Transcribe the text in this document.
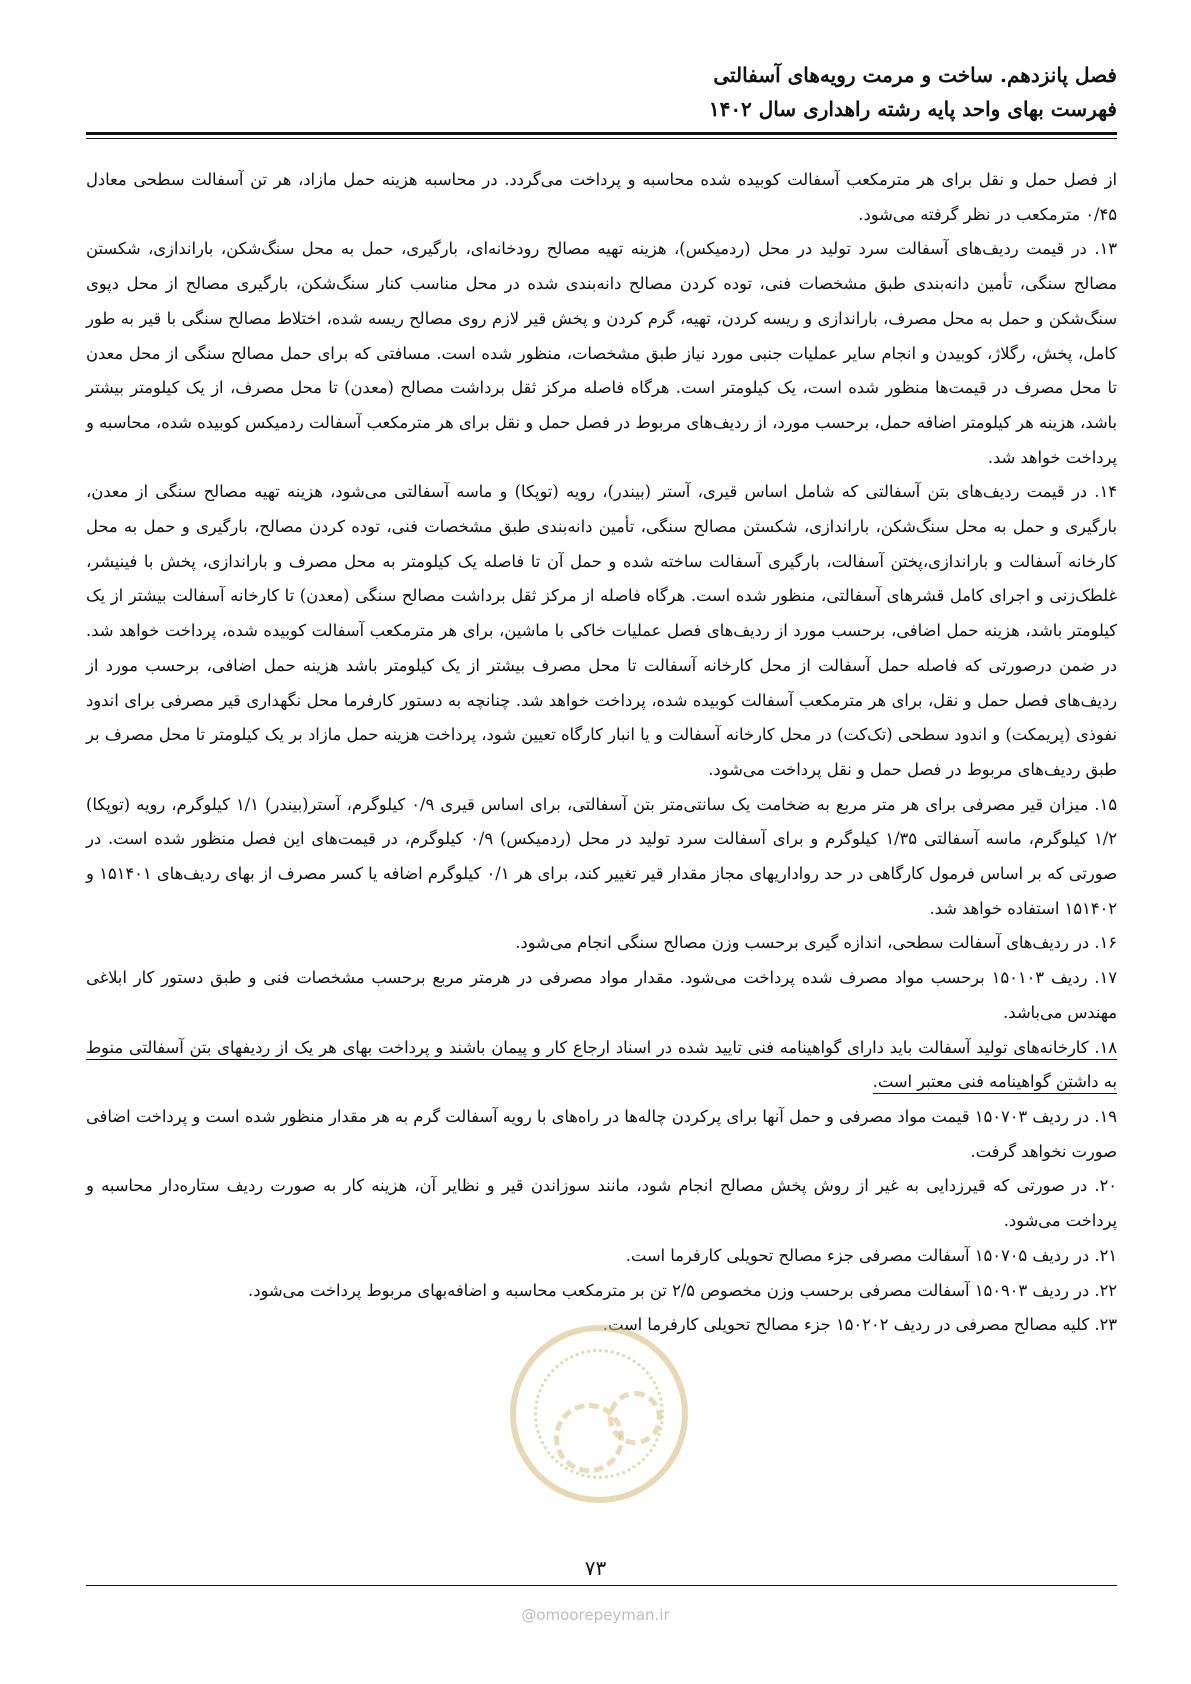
فصل پانزدهم. ساخت و مرمت رویه‌های آسفالتی
فهرست بهای واحد پایه رشته راهداری سال ۱۴۰۲

از فصل حمل و نقل برای هر مترمکعب آسفالت کوبیده شده محاسبه و پرداخت می‌گردد. در محاسبه هزینه حمل مازاد، هر تن آسفالت سطحی معادل ۰/۴۵ مترمکعب در نظر گرفته می‌شود.

۱۳. در قیمت ردیف‌های آسفالت سرد تولید در محل (ردمیکس)، هزینه تهیه مصالح رودخانه‌ای، بارگیری، حمل به محل سنگ‌شکن، باراندازی، شکستن مصالح سنگی، تأمین دانه‌بندی طبق مشخصات فنی، توده کردن مصالح دانه‌بندی شده در محل مناسب کنار سنگ‌شکن، بارگیری مصالح از محل دپوی سنگ‌شکن و حمل به محل مصرف، باراندازی و ریسه کردن، تهیه، گرم کردن و پخش قیر لازم روی مصالح ریسه شده، اختلاط مصالح سنگی با قیر به طور کامل، پخش، رگلاژ، کوبیدن و انجام سایر عملیات جنبی مورد نیاز طبق مشخصات، منظور شده است. مسافتی که برای حمل مصالح سنگی از محل معدن تا محل مصرف در قیمت‌ها منظور شده است، یک کیلومتر است. هرگاه فاصله مرکز ثقل برداشت مصالح (معدن) تا محل مصرف، از یک کیلومتر بیشتر باشد، هزینه هر کیلومتر اضافه حمل، برحسب مورد، از ردیف‌های مربوط در فصل حمل و نقل برای هر مترمکعب آسفالت ردمیکس کوبیده شده، محاسبه و پرداخت خواهد شد.

۱۴. در قیمت ردیف‌های بتن آسفالتی که شامل اساس قیری، آستر (بیندر)، رویه (توپکا) و ماسه آسفالتی می‌شود، هزینه تهیه مصالح سنگی از معدن، بارگیری و حمل به محل سنگ‌شکن، باراندازی، شکستن مصالح سنگی، تأمین دانه‌بندی طبق مشخصات فنی، توده کردن مصالح، بارگیری و حمل به محل کارخانه آسفالت و باراندازی،پختن آسفالت، بارگیری آسفالت ساخته شده و حمل آن تا فاصله یک کیلومتر به محل مصرف و باراندازی، پخش با فینیشر، غلطک‌زنی و اجرای کامل قشرهای آسفالتی، منظور شده است. هرگاه فاصله از مرکز ثقل برداشت مصالح سنگی (معدن) تا کارخانه آسفالت بیشتر از یک کیلومتر باشد، هزینه حمل اضافی، برحسب مورد از ردیف‌های فصل عملیات خاکی با ماشین، برای هر مترمکعب آسفالت کوبیده شده، پرداخت خواهد شد. در ضمن درصورتی که فاصله حمل آسفالت از محل کارخانه آسفالت تا محل مصرف بیشتر از یک کیلومتر باشد هزینه حمل اضافی، برحسب مورد از ردیف‌های فصل حمل و نقل، برای هر مترمکعب آسفالت کوبیده شده، پرداخت خواهد شد. چنانچه به دستور کارفرما محل نگهداری قیر مصرفی برای اندود نفوذی (پریمکت) و اندود سطحی (تک‌کت) در محل کارخانه آسفالت و یا انبار کارگاه تعیین شود، پرداخت هزینه حمل مازاد بر یک کیلومتر تا محل مصرف بر طبق ردیف‌های مربوط در فصل حمل و نقل پرداخت می‌شود.

۱۵. میزان قیر مصرفی برای هر متر مربع به ضخامت یک سانتی‌متر بتن آسفالتی، برای اساس قیری ۰/۹ کیلوگرم، آستر(بیندر) ۱/۱ کیلوگرم، رویه (توپکا) ۱/۲ کیلوگرم، ماسه آسفالتی ۱/۳۵ کیلوگرم و برای آسفالت سرد تولید در محل (ردمیکس) ۰/۹ کیلوگرم، در قیمت‌های این فصل منظور شده است. در صورتی که بر اساس فرمول کارگاهی در حد رواداریهای مجاز مقدار قیر تغییر کند، برای هر ۰/۱ کیلوگرم اضافه یا کسر مصرف از بهای ردیف‌های ۱۵۱۴۰۱ و ۱۵۱۴۰۲ استفاده خواهد شد.

۱۶. در ردیف‌های آسفالت سطحی، اندازه گیری برحسب وزن مصالح سنگی انجام می‌شود.

۱۷. ردیف ۱۵۰۱۰۳ برحسب مواد مصرف شده پرداخت می‌شود. مقدار مواد مصرفی در هرمتر مربع برحسب مشخصات فنی و طبق دستور کار ابلاغی مهندس می‌باشد.

۱۸. کارخانه‌های تولید آسفالت باید دارای گواهینامه فنی تایید شده در اسناد ارجاع کار و پیمان باشند و پرداخت بهای هر یک از ردیفهای بتن آسفالتی منوط به داشتن گواهینامه فنی معتبر است.

۱۹. در ردیف ۱۵۰۷۰۳ قیمت مواد مصرفی و حمل آنها برای پرکردن چاله‌ها در راه‌های با رویه آسفالت گرم به هر مقدار منظور شده است و پرداخت اضافی صورت نخواهد گرفت.

۲۰. در صورتی که قیرزدایی به غیر از روش پخش مصالح انجام شود، مانند سوزاندن قیر و نظایر آن، هزینه کار به صورت ردیف ستاره‌دار محاسبه و پرداخت می‌شود.

۲۱. در ردیف ۱۵۰۷۰۵ آسفالت مصرفی جزء مصالح تحویلی کارفرما است.

۲۲. در ردیف ۱۵۰۹۰۳ آسفالت مصرفی برحسب وزن مخصوص ۲/۵ تن بر مترمکعب محاسبه و اضافه‌بهای مربوط پرداخت می‌شود.

۲۳. کلیه مصالح مصرفی در ردیف ۱۵۰۲۰۲ جزء مصالح تحویلی کارفرما است.

۷۳
@omoorepeyman.ir
